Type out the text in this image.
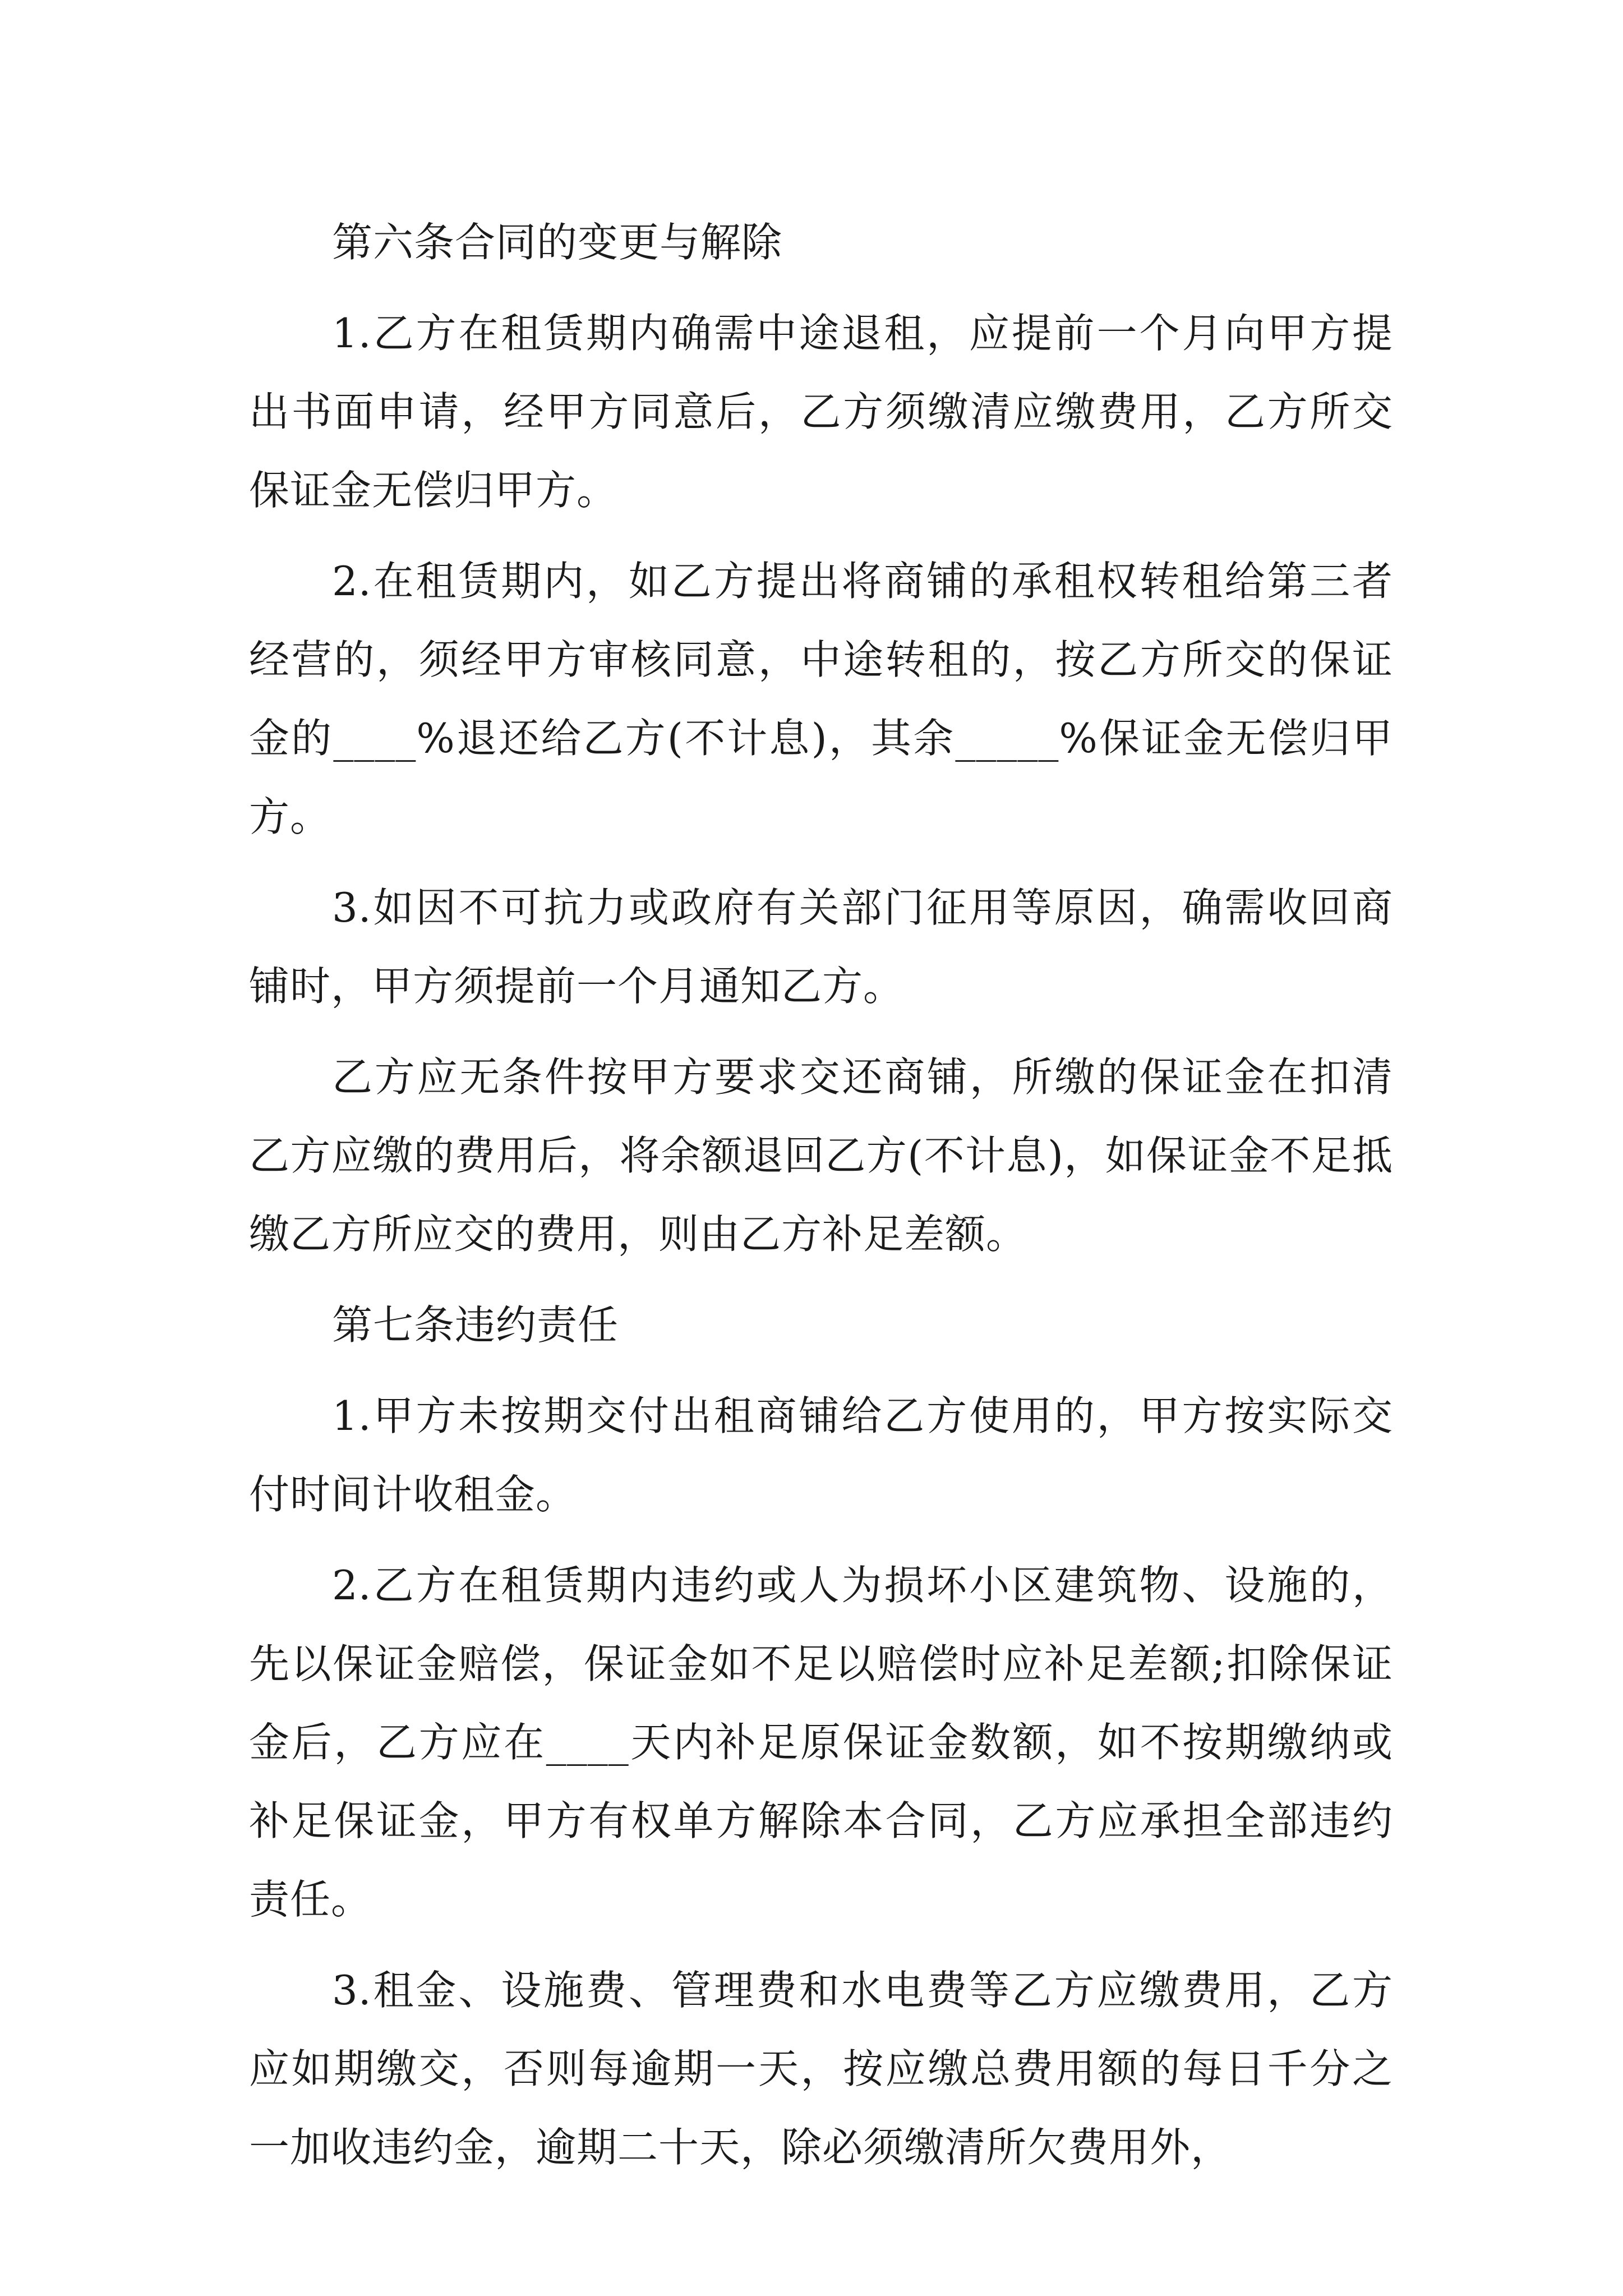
第六条合同的变更与解除

1.乙方在租赁期内确需中途退租，应提前一个月向甲方提出书面申请，经甲方同意后，乙方须缴清应缴费用，乙方所交保证金无偿归甲方。

2.在租赁期内，如乙方提出将商铺的承租权转租给第三者经营的，须经甲方审核同意，中途转租的，按乙方所交的保证金的____%退还给乙方(不计息)，其余_____%保证金无偿归甲方。

3.如因不可抗力或政府有关部门征用等原因，确需收回商铺时，甲方须提前一个月通知乙方。

乙方应无条件按甲方要求交还商铺，所缴的保证金在扣清乙方应缴的费用后，将余额退回乙方(不计息)，如保证金不足抵缴乙方所应交的费用，则由乙方补足差额。

第七条违约责任

1.甲方未按期交付出租商铺给乙方使用的，甲方按实际交付时间计收租金。

2.乙方在租赁期内违约或人为损坏小区建筑物、设施的，先以保证金赔偿，保证金如不足以赔偿时应补足差额;扣除保证金后，乙方应在____天内补足原保证金数额，如不按期缴纳或补足保证金，甲方有权单方解除本合同，乙方应承担全部违约责任。

3.租金、设施费、管理费和水电费等乙方应缴费用，乙方应如期缴交，否则每逾期一天，按应缴总费用额的每日千分之一加收违约金，逾期二十天，除必须缴清所欠费用外，
